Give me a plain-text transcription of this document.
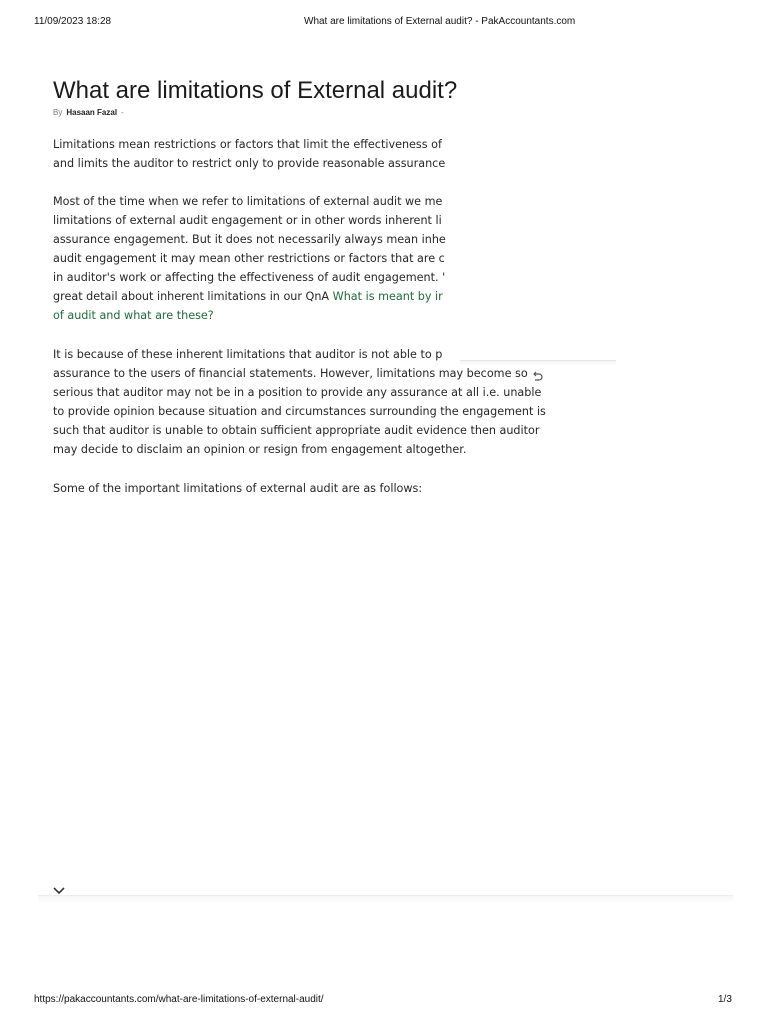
11/09/2023 18:28	What are limitations of External audit? - PakAccountants.com
What are limitations of External audit?
By Hasaan Fazal -
Limitations mean restrictions or factors that limit the effectiveness of
and limits the auditor to restrict only to provide reasonable assurance
Most of the time when we refer to limitations of external audit we me
limitations of external audit engagement or in other words inherent li
assurance engagement. But it does not necessarily always mean inhe
audit engagement it may mean other restrictions or factors that are c
in auditor's work or affecting the effectiveness of audit engagement. '
great detail about inherent limitations in our QnA What is meant by ir
of audit and what are these?
It is because of these inherent limitations that auditor is not able to p
assurance to the users of financial statements. However, limitations may become so
serious that auditor may not be in a position to provide any assurance at all i.e. unable
to provide opinion because situation and circumstances surrounding the engagement is
such that auditor is unable to obtain sufficient appropriate audit evidence then auditor
may decide to disclaim an opinion or resign from engagement altogether.
Some of the important limitations of external audit are as follows:
https://pakaccountants.com/what-are-limitations-of-external-audit/	1/3
